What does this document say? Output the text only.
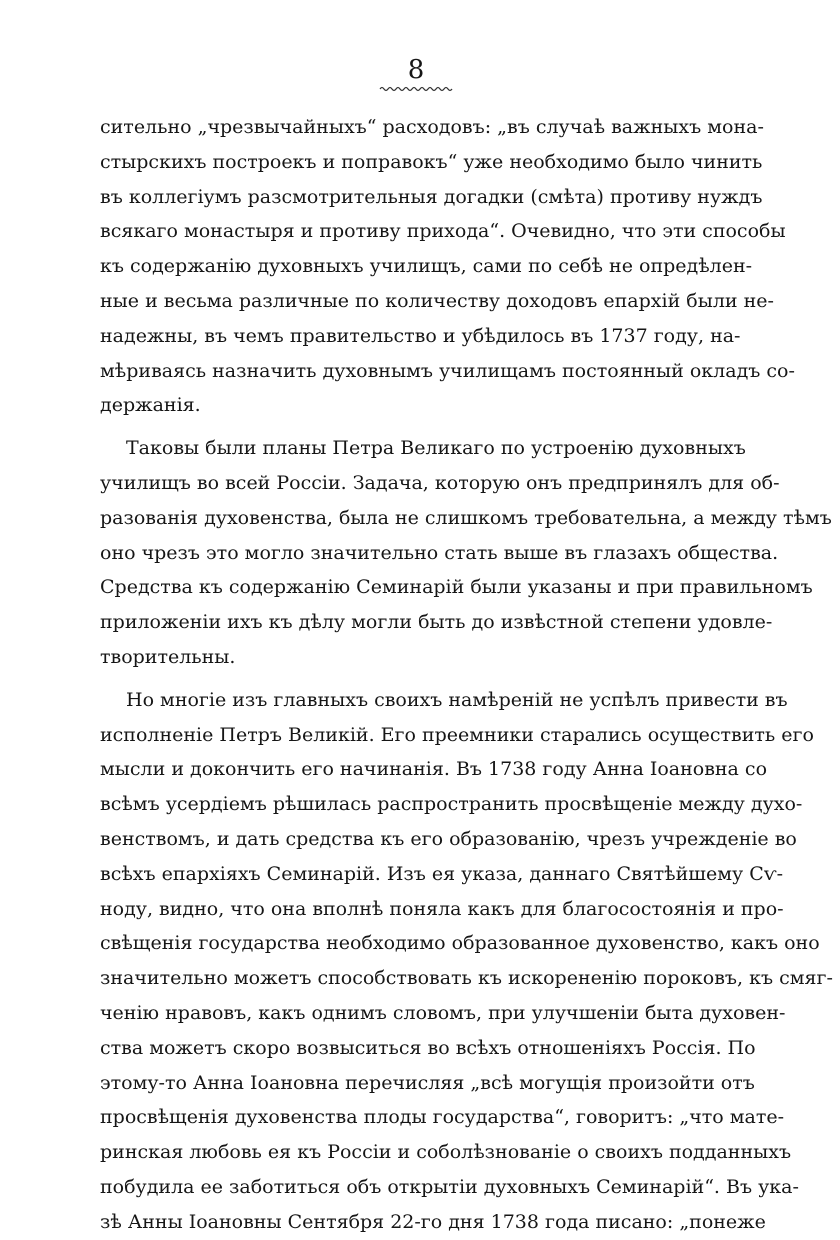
8
сительно „чрезвычайныхъ“ расходовъ: „въ случаѣ важныхъ мона-
стырскихъ построекъ и поправокъ“ уже необходимо было чинить
въ коллегіумъ разсмотрительныя догадки (смѣта) противу нуждъ
всякаго монастыря и противу прихода“. Очевидно, что эти способы
къ содержанію духовныхъ училищъ, сами по себѣ не опредѣлен-
ные и весьма различные по количеству доходовъ епархій были не-
надежны, въ чемъ правительство и убѣдилось въ 1737 году, на-
мѣриваясь назначить духовнымъ училищамъ постоянный окладъ со-
держанія.
Таковы были планы Петра Великаго по устроенію духовныхъ
училищъ во всей Россіи. Задача, которую онъ предпринялъ для об-
разованія духовенства, была не слишкомъ требовательна, а между тѣмъ
оно чрезъ это могло значительно стать выше въ глазахъ общества.
Средства къ содержанію Семинарій были указаны и при правильномъ
приложеніи ихъ къ дѣлу могли быть до извѣстной степени удовле-
творительны.
Но многіе изъ главныхъ своихъ намѣреній не успѣлъ привести въ
исполненіе Петръ Великій. Его преемники старались осуществить его
мысли и докончить его начинанія. Въ 1738 году Анна Іоановна со
всѣмъ усердіемъ рѣшилась распространить просвѣщеніе между духо-
венствомъ, и дать средства къ его образованію, чрезъ учрежденіе во
всѣхъ епархіяхъ Семинарій. Изъ ея указа, даннаго Святѣйшему Сѵ-
ноду, видно, что она вполнѣ поняла какъ для благосостоянія и про-
свѣщенія государства необходимо образованное духовенство, какъ оно
значительно можетъ способствовать къ искорененію пороковъ, къ смяг-
ченію нравовъ, какъ однимъ словомъ, при улучшеніи быта духовен-
ства можетъ скоро возвыситься во всѣхъ отношеніяхъ Россія. По
этому-то Анна Іоановна перечисляя „всѣ могущія произойти отъ
просвѣщенія духовенства плоды государства“, говоритъ: „что мате-
ринская любовь ея къ Россіи и соболѣзнованіе о своихъ подданныхъ
побудила ее заботиться объ открытіи духовныхъ Семинарій“. Въ ука-
зѣ Анны Іоановны Сентября 22-го дня 1738 года писано: „понеже
